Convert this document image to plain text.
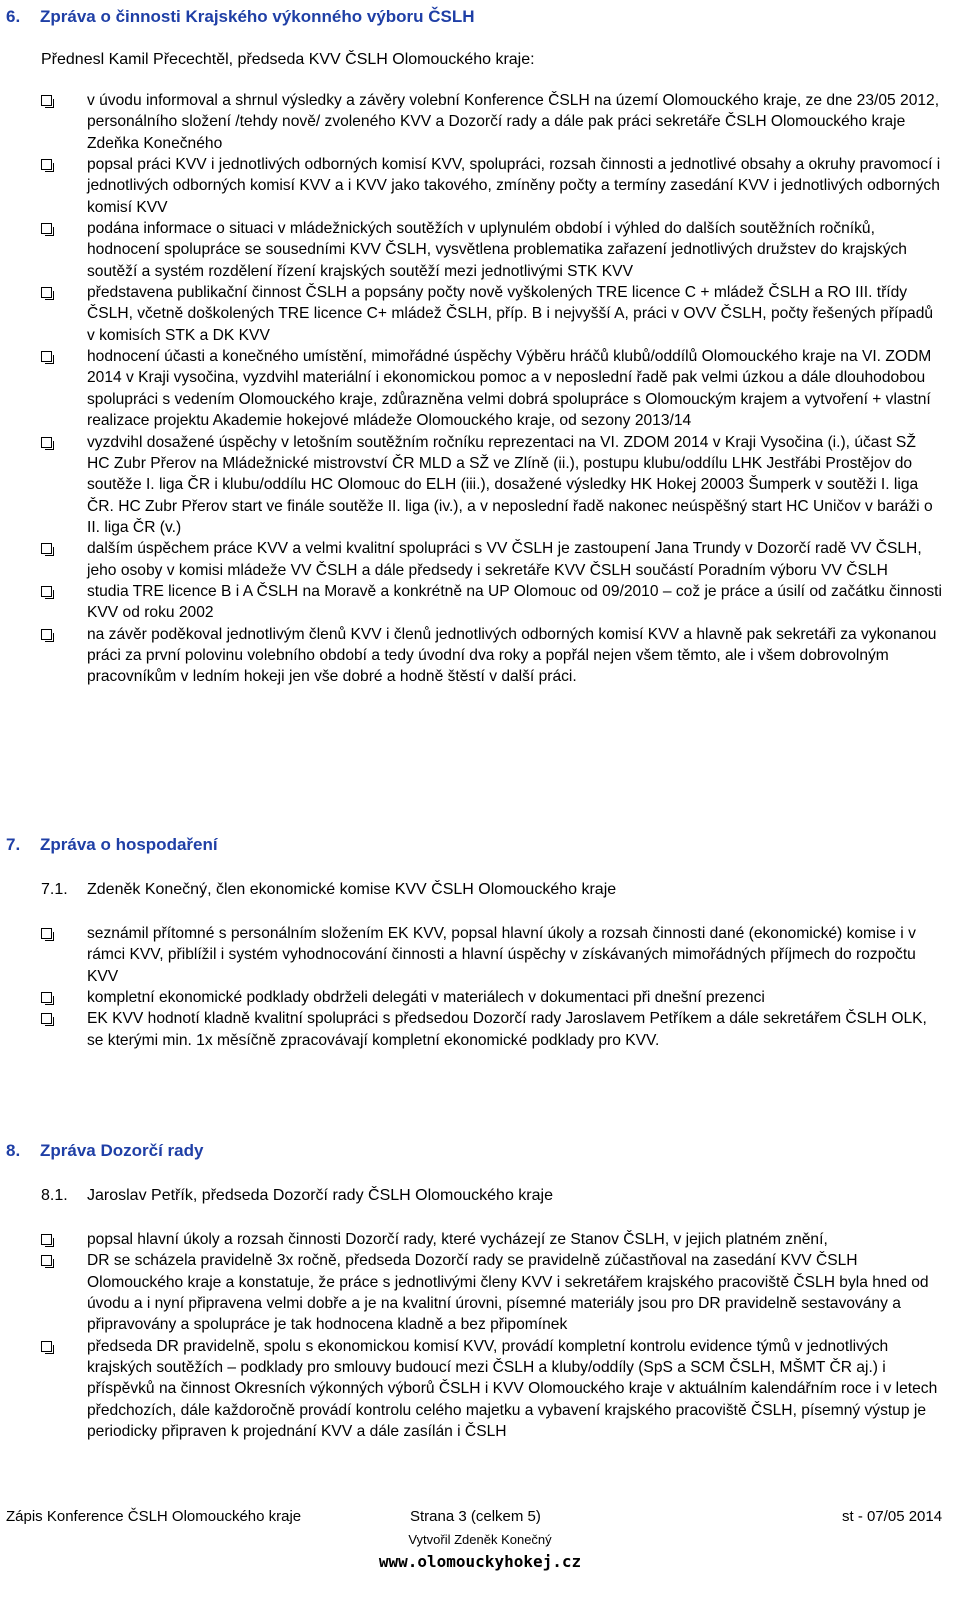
6. Zpráva o činnosti Krajského výkonného výboru ČSLH
Přednesl Kamil Přecechtěl, předseda KVV ČSLH Olomouckého kraje:
v úvodu informoval a shrnul výsledky a závěry volební Konference ČSLH na území Olomouckého kraje, ze dne 23/05 2012, personálního složení /tehdy nově/ zvoleného KVV a Dozorčí rady a dále pak práci sekretáře ČSLH Olomouckého kraje Zdeňka Konečného
popsal práci KVV i jednotlivých odborných komisí KVV, spolupráci, rozsah činnosti a jednotlivé obsahy a okruhy pravomocí i jednotlivých odborných komisí KVV a i KVV jako takového, zmíněny počty a termíny zasedání KVV i jednotlivých odborných komisí KVV
podána informace o situaci v mládežnických soutěžích v uplynulém období i výhled do dalších soutěžních ročníků, hodnocení spolupráce se sousedními KVV ČSLH, vysvětlena problematika zařazení jednotlivých družstev do krajských soutěží a systém rozdělení řízení krajských soutěží mezi jednotlivými STK KVV
představena publikační činnost ČSLH a popsány počty nově vyškolených TRE licence C + mládež ČSLH a RO III. třídy ČSLH, včetně doškolených TRE licence C+ mládež ČSLH, příp. B i nejvyšší A, práci v OVV ČSLH, počty řešených případů v komisích STK a DK KVV
hodnocení účasti a konečného umístění, mimořádné úspěchy Výběru hráčů klubů/oddílů Olomouckého kraje na VI. ZODM 2014 v Kraji vysočina, vyzdvihl materiální i ekonomickou pomoc a v neposlední řadě pak velmi úzkou a dále dlouhodobou spolupráci s vedením Olomouckého kraje, zdůrazněna velmi dobrá spolupráce s Olomouckým krajem a vytvoření + vlastní realizace projektu Akademie hokejové mládeže Olomouckého kraje, od sezony 2013/14
vyzdvihl dosažené úspěchy v letošním soutěžním ročníku reprezentaci na VI. ZDOM 2014 v Kraji Vysočina (i.), účast SŽ HC Zubr Přerov na Mládežnické mistrovství ČR MLD a SŽ ve Zlíně (ii.), postupu klubu/oddílu LHK Jestřábi Prostějov do soutěže I. liga ČR i klubu/oddílu HC Olomouc do ELH (iii.), dosažené výsledky HK Hokej 20003 Šumperk v soutěži I. liga ČR. HC Zubr Přerov start ve finále soutěže II. liga (iv.), a v neposlední řadě nakonec neúspěšný start HC Uničov v baráži o II. liga ČR (v.)
dalším úspěchem práce KVV a velmi kvalitní spolupráci s VV ČSLH je zastoupení Jana Trundy v Dozorčí radě VV ČSLH, jeho osoby v komisi mládeže VV ČSLH a dále předsedy i sekretáře KVV ČSLH součástí Poradním výboru VV ČSLH
studia TRE licence B i A ČSLH na Moravě a konkrétně na UP Olomouc od 09/2010 – což je práce a úsilí od začátku činnosti KVV od roku 2002
na závěr poděkoval jednotlivým členů KVV i členů jednotlivých odborných komisí KVV a hlavně pak sekretáři za vykonanou práci za první polovinu volebního období a tedy úvodní dva roky a popřál nejen všem těmto, ale i všem dobrovolným pracovníkům v ledním hokeji jen vše dobré a hodně štěstí v další práci.
7. Zpráva o hospodaření
7.1. Zdeněk Konečný, člen ekonomické komise KVV ČSLH Olomouckého kraje
seznámil přítomné s personálním složením EK KVV, popsal hlavní úkoly a rozsah činnosti dané (ekonomické) komise i v rámci KVV, přiblížil i systém vyhodnocování činnosti a hlavní úspěchy v získávaných mimořádných příjmech do rozpočtu KVV
kompletní ekonomické podklady obdrželi delegáti v materiálech v dokumentaci při dnešní prezenci
EK KVV hodnotí kladně kvalitní spolupráci s předsedou Dozorčí rady Jaroslavem Petříkem a dále sekretářem ČSLH OLK, se kterými min. 1x měsíčně zpracovávají kompletní ekonomické podklady pro KVV.
8. Zpráva Dozorčí rady
8.1. Jaroslav Petřík, předseda Dozorčí rady ČSLH Olomouckého kraje
popsal hlavní úkoly a rozsah činnosti Dozorčí rady, které vycházejí ze Stanov ČSLH, v jejich platném znění,
DR se scházela pravidelně 3x ročně, předseda Dozorčí rady se pravidelně zúčastňoval na zasedání KVV ČSLH Olomouckého kraje a konstatuje, že práce s jednotlivými členy KVV i sekretářem krajského pracoviště ČSLH byla hned od úvodu a i nyní připravena velmi dobře a je na kvalitní úrovni, písemné materiály jsou pro DR pravidelně sestavovány a připravovány a spolupráce je tak hodnocena kladně a bez připomínek
předseda DR pravidelně, spolu s ekonomickou komisí KVV, provádí kompletní kontrolu evidence týmů v jednotlivých krajských soutěžích – podklady pro smlouvy budoucí mezi ČSLH a kluby/oddíly (SpS a SCM ČSLH, MŠMT ČR aj.) i příspěvků na činnost Okresních výkonných výborů ČSLH i KVV Olomouckého kraje v aktuálním kalendářním roce i v letech předchozích, dále každoročně provádí kontrolu celého majetku a vybavení krajského pracoviště ČSLH, písemný výstup je periodicky připraven k projednání KVV a dále zasílán i ČSLH
Zápis Konference ČSLH Olomouckého kraje	Strana 3 (celkem 5)	st - 07/05 2014
Vytvořil Zdeněk Konečný
www.olomouckyhokej.cz
